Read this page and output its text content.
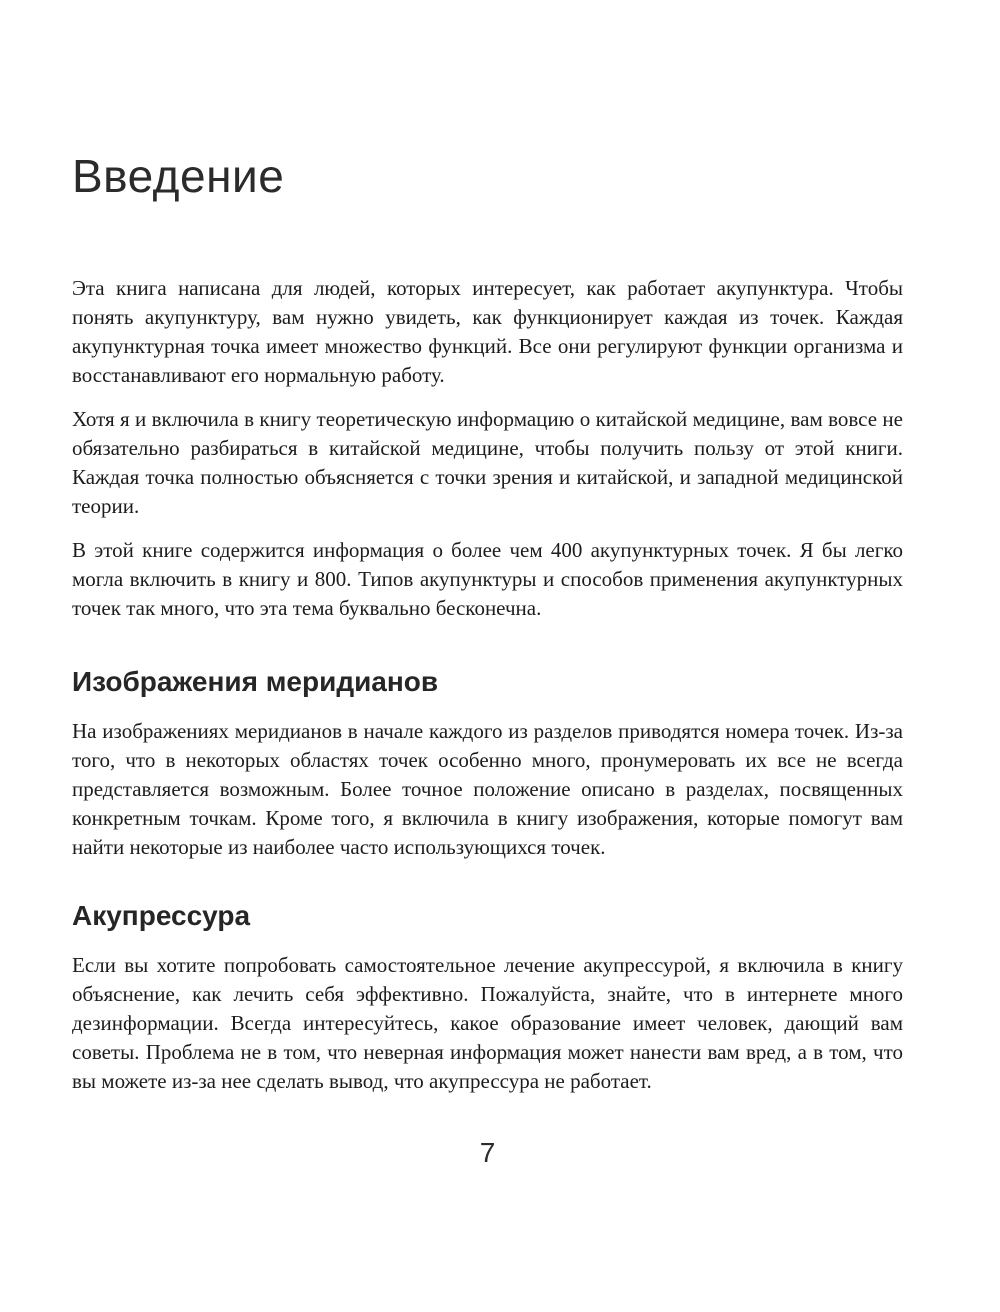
Введение

Эта книга написана для людей, которых интересует, как работает акупунктура. Чтобы понять акупунктуру, вам нужно увидеть, как функционирует каждая из точек. Каждая акупунктурная точка имеет множество функций. Все они регулируют функции организма и восстанавливают его нормальную работу.

Хотя я и включила в книгу теоретическую информацию о китайской медицине, вам вовсе не обязательно разбираться в китайской медицине, чтобы получить пользу от этой книги. Каждая точка полностью объясняется с точки зрения и китайской, и западной медицинской теории.

В этой книге содержится информация о более чем 400 акупунктурных точек. Я бы легко могла включить в книгу и 800. Типов акупунктуры и способов применения акупунктурных точек так много, что эта тема буквально бесконечна.

Изображения меридианов

На изображениях меридианов в начале каждого из разделов приводятся номера точек. Из-за того, что в некоторых областях точек особенно много, пронумеровать их все не всегда представляется возможным. Более точное положение описано в разделах, посвященных конкретным точкам. Кроме того, я включила в книгу изображения, которые помогут вам найти некоторые из наиболее часто использующихся точек.

Акупрессура

Если вы хотите попробовать самостоятельное лечение акупрессурой, я включила в книгу объяснение, как лечить себя эффективно. Пожалуйста, знайте, что в интернете много дезинформации. Всегда интересуйтесь, какое образование имеет человек, дающий вам советы. Проблема не в том, что неверная информация может нанести вам вред, а в том, что вы можете из-за нее сделать вывод, что акупрессура не работает.

7
